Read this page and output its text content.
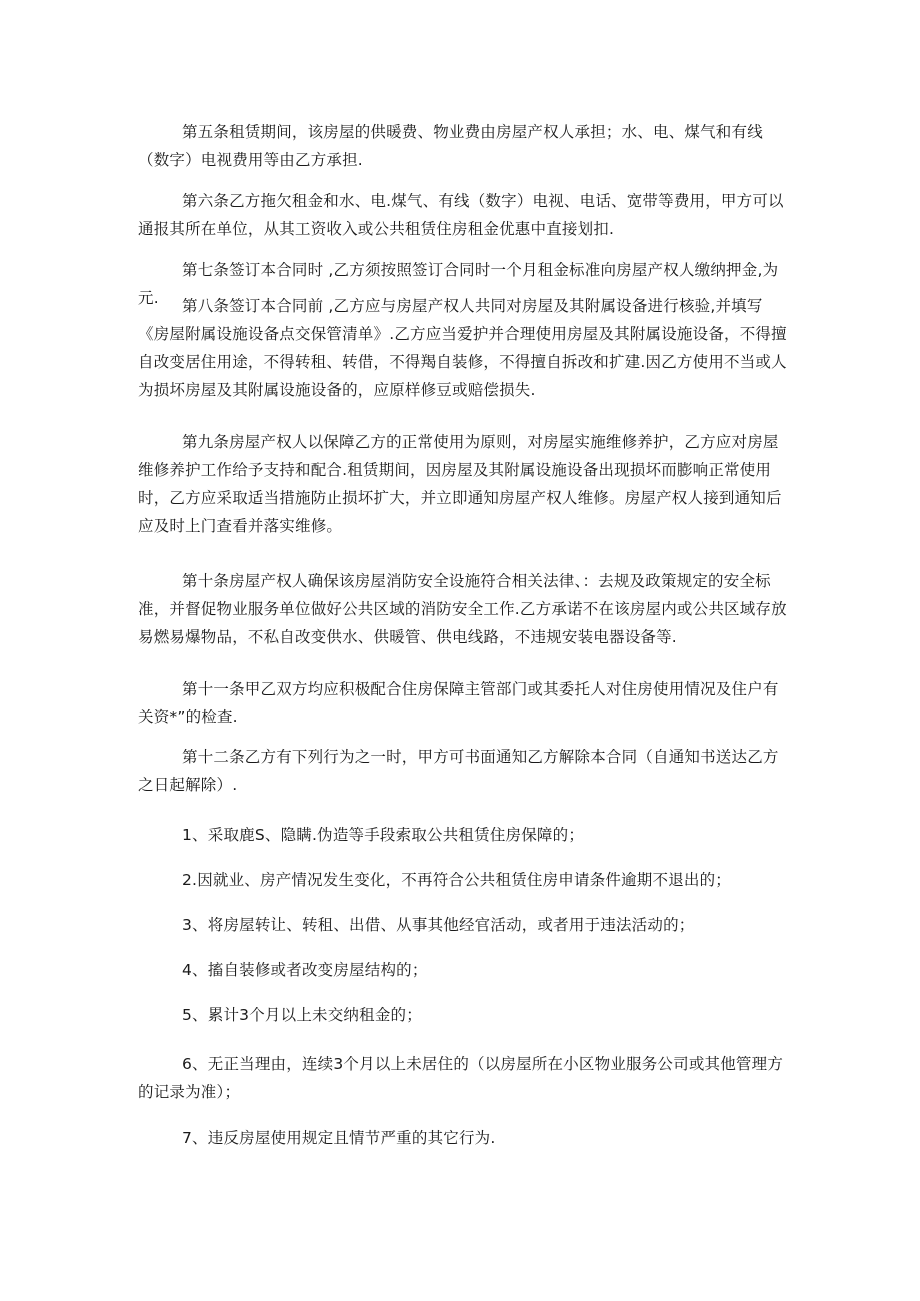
第五条租赁期间，该房屋的供暖费、物业费由房屋产权人承担；水、电、煤气和有线（数字）电视费用等由乙方承担.

第六条乙方拖欠租金和水、电.煤气、有线（数字）电视、电话、宽带等费用，甲方可以通报其所在单位，从其工资收入或公共租赁住房租金优惠中直接划扣.

第七条签订本合同时 ,乙方须按照签订合同时一个月租金标准向房屋产权人缴纳押金,为元.	第八条签订本合同前 ,乙方应与房屋产权人共同对房屋及其附属设备进行核验,并填写《房屋附属设施设备点交保管清单》.乙方应当爱护并合理使用房屋及其附属设施设备，不得擅自改变居住用途，不得转租、转借，不得羯自装修，不得擅自拆改和扩建.因乙方使用不当或人为损坏房屋及其附属设施设备的，应原样修豆或赔偿损失.

第九条房屋产权人以保障乙方的正常使用为原则，对房屋实施维修养护，乙方应对房屋维修养护工作给予支持和配合.租赁期间，因房屋及其附属设施设备出现损坏而膨响正常使用时，乙方应采取适当措施防止损坏扩大，并立即通知房屋产权人维修。房屋产权人接到通知后应及时上门查看并落实维修。

第十条房屋产权人确保该房屋消防安全设施符合相关法律、：去规及政策规定的安全标准，并督促物业服务单位做好公共区域的消防安全工作.乙方承诺不在该房屋内或公共区域存放易燃易爆物品，不私自改变供水、供暖管、供电线路，不违规安装电器设备等.

第十一条甲乙双方均应积极配合住房保障主管部门或其委托人对住房使用情况及住户有关资*”的检查.

第十二条乙方有下列行为之一时，甲方可书面通知乙方解除本合同（自通知书送达乙方之日起解除）.

1、采取鹿S、隐瞒.伪造等手段索取公共租赁住房保障的；

2.因就业、房产情况发生变化，不再符合公共租赁住房申请条件逾期不退出的；

3、将房屋转让、转租、出借、从事其他经官活动，或者用于违法活动的；

4、搐自装修或者改变房屋结构的；

5、累计3个月以上未交纳租金的；

6、无正当理由，连续3个月以上未居住的（以房屋所在小区物业服务公司或其他管理方的记录为准）；

7、违反房屋使用规定且情节严重的其它行为.
